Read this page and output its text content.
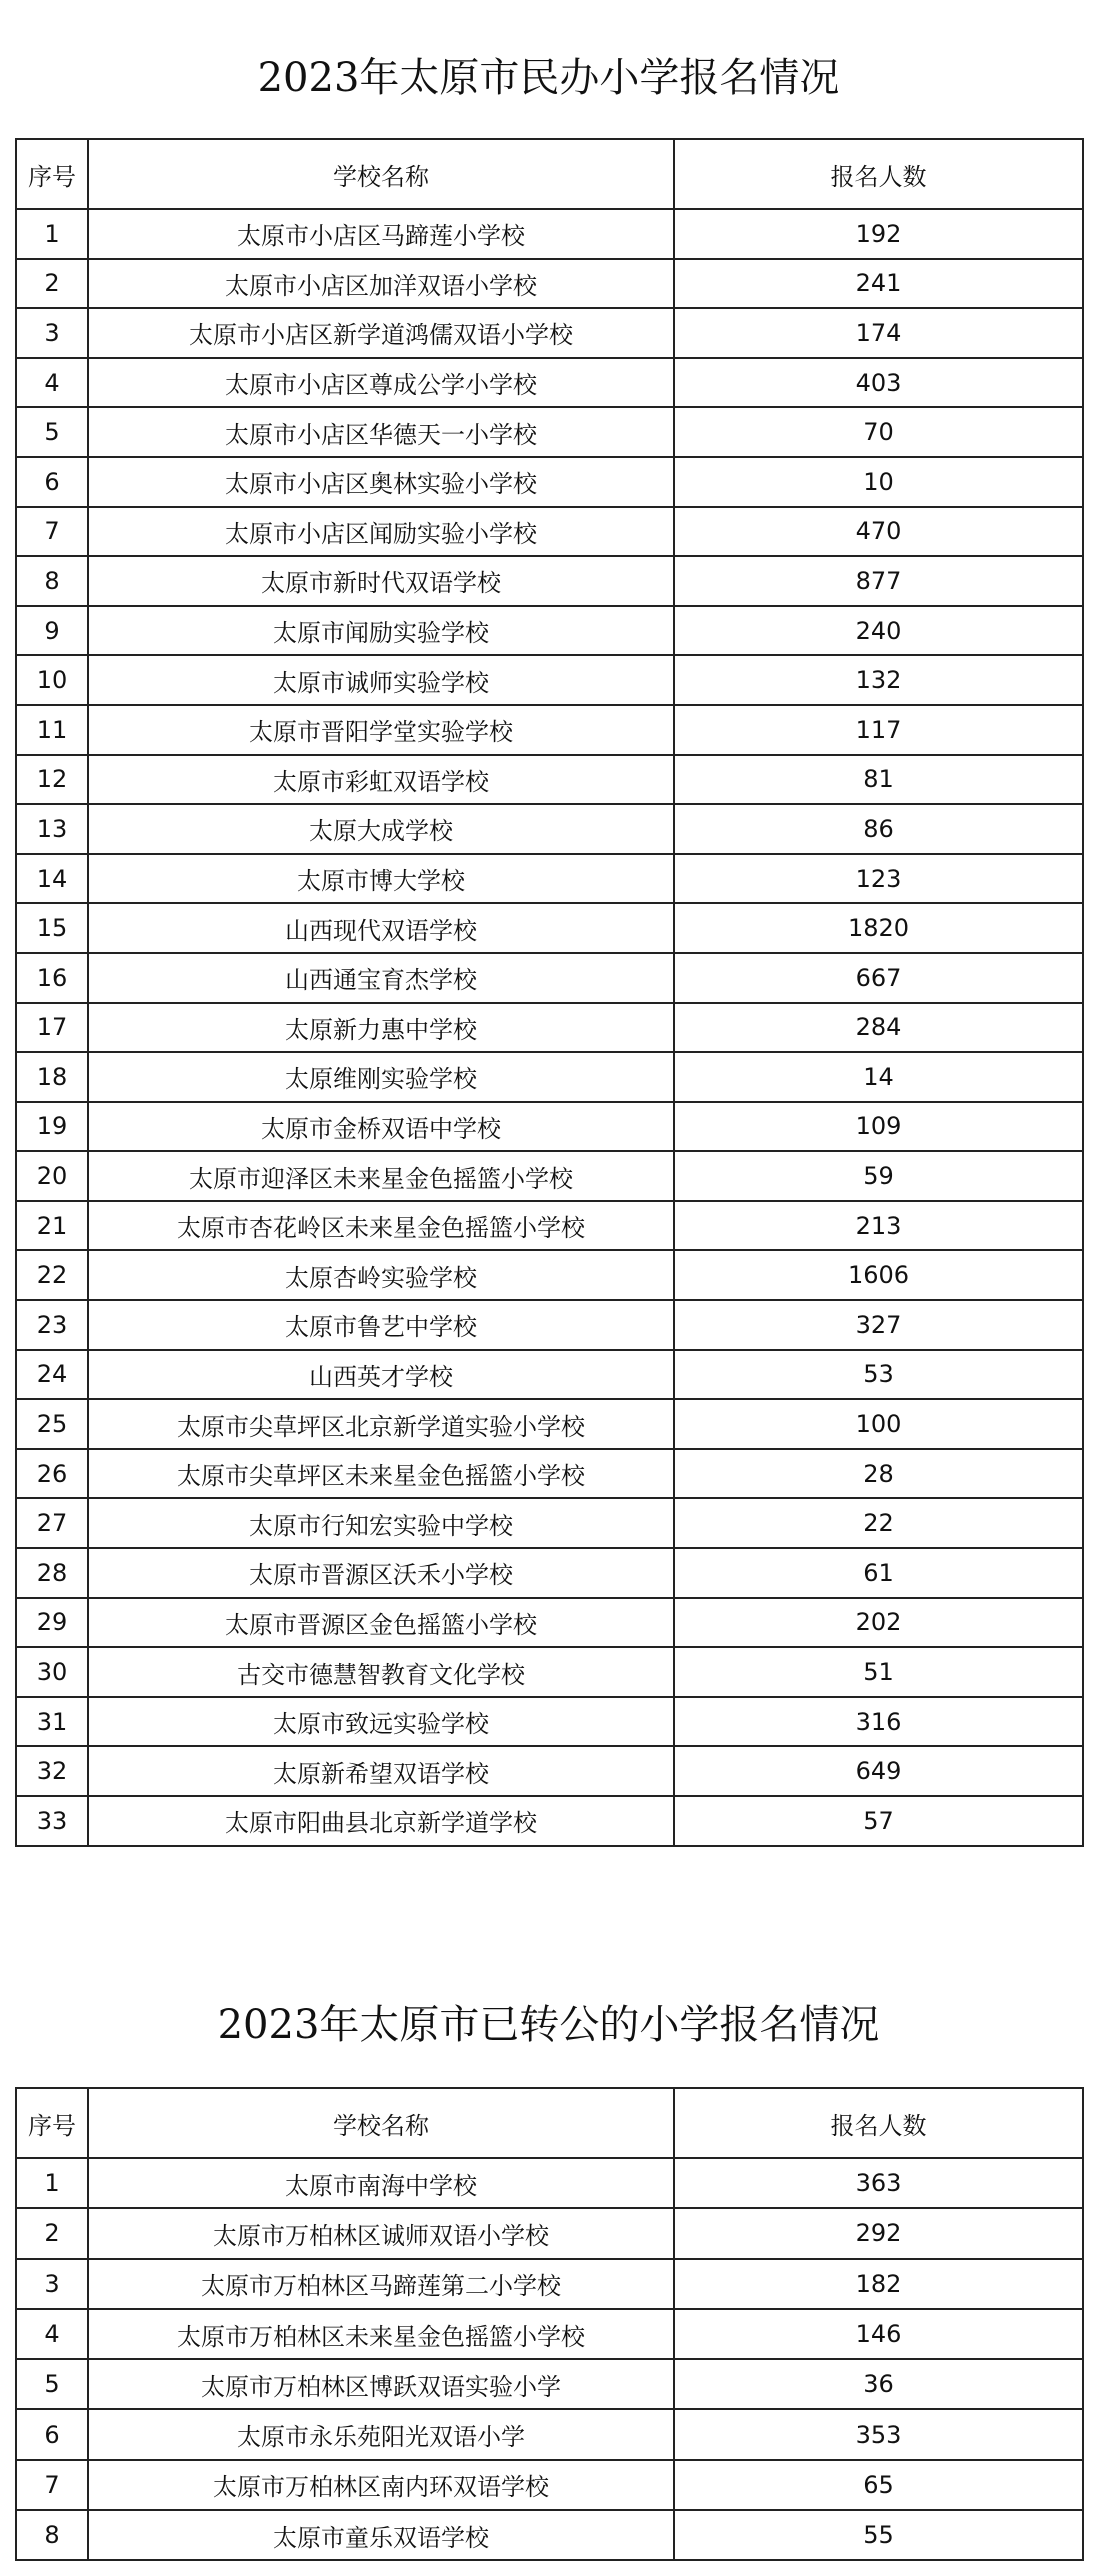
2023年太原市民办小学报名情况
序号	学校名称	报名人数
1	太原市小店区马蹄莲小学校	192
2	太原市小店区加洋双语小学校	241
3	太原市小店区新学道鸿儒双语小学校	174
4	太原市小店区尊成公学小学校	403
5	太原市小店区华德天一小学校	70
6	太原市小店区奥林实验小学校	10
7	太原市小店区闻励实验小学校	470
8	太原市新时代双语学校	877
9	太原市闻励实验学校	240
10	太原市诚师实验学校	132
11	太原市晋阳学堂实验学校	117
12	太原市彩虹双语学校	81
13	太原大成学校	86
14	太原市博大学校	123
15	山西现代双语学校	1820
16	山西通宝育杰学校	667
17	太原新力惠中学校	284
18	太原维刚实验学校	14
19	太原市金桥双语中学校	109
20	太原市迎泽区未来星金色摇篮小学校	59
21	太原市杏花岭区未来星金色摇篮小学校	213
22	太原杏岭实验学校	1606
23	太原市鲁艺中学校	327
24	山西英才学校	53
25	太原市尖草坪区北京新学道实验小学校	100
26	太原市尖草坪区未来星金色摇篮小学校	28
27	太原市行知宏实验中学校	22
28	太原市晋源区沃禾小学校	61
29	太原市晋源区金色摇篮小学校	202
30	古交市德慧智教育文化学校	51
31	太原市致远实验学校	316
32	太原新希望双语学校	649
33	太原市阳曲县北京新学道学校	57
2023年太原市已转公的小学报名情况
序号	学校名称	报名人数
1	太原市南海中学校	363
2	太原市万柏林区诚师双语小学校	292
3	太原市万柏林区马蹄莲第二小学校	182
4	太原市万柏林区未来星金色摇篮小学校	146
5	太原市万柏林区博跃双语实验小学	36
6	太原市永乐苑阳光双语小学	353
7	太原市万柏林区南内环双语学校	65
8	太原市童乐双语学校	55
